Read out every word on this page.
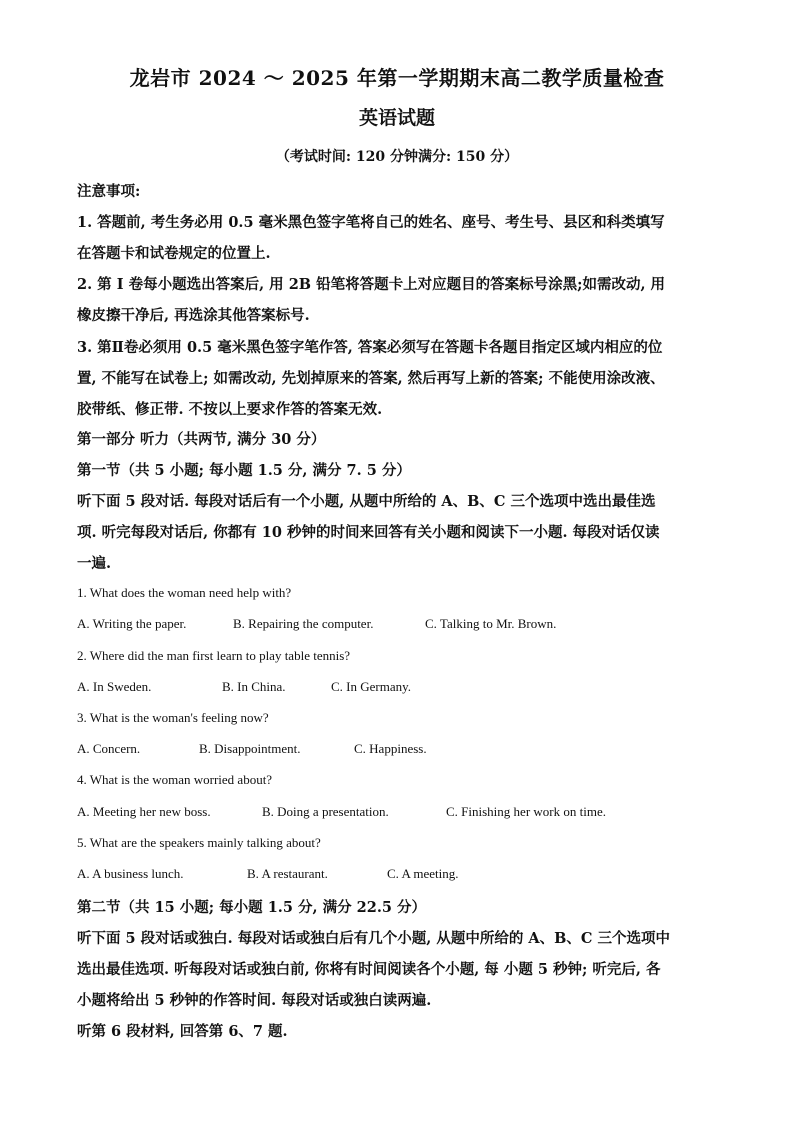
龙岩市 2024 ～ 2025 年第一学期期末高二教学质量检查
英语试题
（考试时间: 120 分钟满分: 150 分）
注意事项:
1. 答题前, 考生务必用 0.5 毫米黑色签字笔将自己的姓名、座号、考生号、县区和科类填写
在答题卡和试卷规定的位置上.
2. 第 Ⅰ 卷每小题选出答案后, 用 2B 铅笔将答题卡上对应题目的答案标号涂黑;如需改动, 用
橡皮擦干净后, 再选涂其他答案标号.
3. 第Ⅱ卷必须用 0.5 毫米黑色签字笔作答, 答案必须写在答题卡各题目指定区域内相应的位
置, 不能写在试卷上; 如需改动, 先划掉原来的答案, 然后再写上新的答案; 不能使用涂改液、
胶带纸、修正带. 不按以上要求作答的答案无效.
第一部分 听力（共两节, 满分 30 分）
第一节（共 5 小题; 每小题 1.5 分, 满分 7. 5 分）
听下面 5 段对话. 每段对话后有一个小题, 从题中所给的 A、B、C 三个选项中选出最佳选
项. 听完每段对话后, 你都有 10 秒钟的时间来回答有关小题和阅读下一小题. 每段对话仅读
一遍.
1. What does the woman need help with?
A. Writing the paper.	B. Repairing the computer.	C. Talking to Mr. Brown.
2. Where did the man first learn to play table tennis?
A. In Sweden.	B. In China.	C. In Germany.
3. What is the woman's feeling now?
A. Concern.	B. Disappointment.	C. Happiness.
4. What is the woman worried about?
A. Meeting her new boss.	B. Doing a presentation.	C. Finishing her work on time.
5. What are the speakers mainly talking about?
A. A business lunch.	B. A restaurant.	C. A meeting.
第二节（共 15 小题; 每小题 1.5 分, 满分 22.5 分）
听下面 5 段对话或独白. 每段对话或独白后有几个小题, 从题中所给的 A、B、C 三个选项中
选出最佳选项. 听每段对话或独白前, 你将有时间阅读各个小题, 每 小题 5 秒钟; 听完后, 各
小题将给出 5 秒钟的作答时间. 每段对话或独白读两遍.
听第 6 段材料, 回答第 6、7 题.
